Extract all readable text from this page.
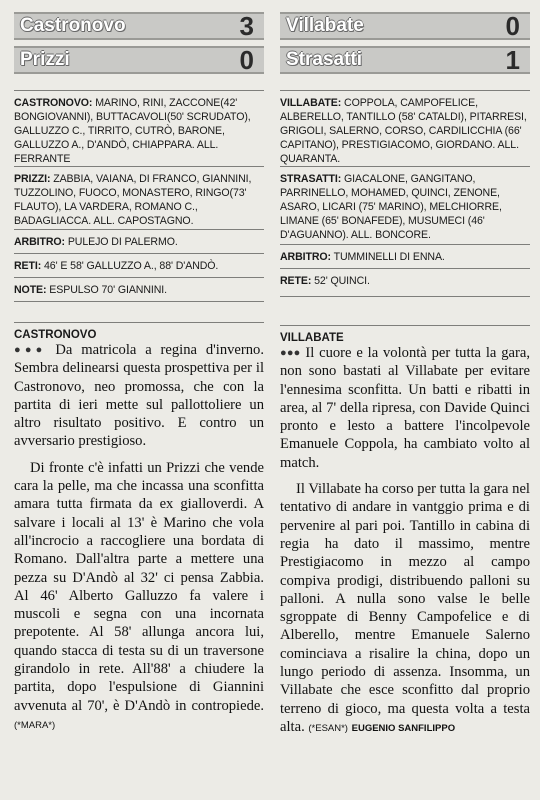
Castronovo	3
Prizzi	0
CASTRONOVO: MARINO, RINI, ZACCONE(42' BONGIOVANNI), BUTTACAVOLI(50' SCRUDATO), GALLUZZO C., TIRRITO, CUTRÒ, BARONE, GALLUZZO A., D'ANDÒ, CHIAPPARA. ALL. FERRANTE
PRIZZI: ZABBIA, VAIANA, DI FRANCO, GIANNINI, TUZZOLINO, FUOCO, MONASTERO, RINGO(73' FLAUTO), LA VARDERA, ROMANO C., BADAGLIACCA. ALL. CAPOSTAGNO.
ARBITRO: PULEJO DI PALERMO.
RETI: 46' E 58' GALLUZZO A., 88' D'ANDÒ.
NOTE: ESPULSO 70' GIANNINI.
CASTRONOVO

●●● Da matricola a regina d'inverno. Sembra delinearsi questa prospettiva per il Castronovo, neo promossa, che con la partita di ieri mette sul pallottoliere un altro risultato positivo. E contro un avversario prestigioso.

Di fronte c'è infatti un Prizzi che vende cara la pelle, ma che incassa una sconfitta amara tutta firmata da ex gialloverdi. A salvare i locali al 13' è Marino che vola all'incrocio a raccogliere una bordata di Romano. Dall'altra parte a mettere una pezza su D'Andò al 32' ci pensa Zabbia. Al 46' Alberto Galluzzo fa valere i muscoli e segna con una incornata prepotente. Al 58' allunga ancora lui, quando stacca di testa su di un traversone girandolo in rete. All'88' a chiudere la partita, dopo l'espulsione di Giannini avvenuta al 70', è D'Andò in contropiede. (*MARA*)

Villabate	0
Strasatti	1
VILLABATE: COPPOLA, CAMPOFELICE, ALBERELLO, TANTILLO (58' CATALDI), PITARRESI, GRIGOLI, SALERNO, CORSO, CARDILICCHIA (66' CAPITANO), PRESTIGIACOMO, GIORDANO. ALL. QUARANTA.
STRASATTI: GIACALONE, GANGITANO, PARRINELLO, MOHAMED, QUINCI, ZENONE, ASARO, LICARI (75' MARINO), MELCHIORRE, LIMANE (65' BONAFEDE), MUSUMECI (46' D'AGUANNO). ALL. BONCORE.
ARBITRO: TUMMINELLI DI ENNA.
RETE: 52' QUINCI.
VILLABATE

●●● Il cuore e la volontà per tutta la gara, non sono bastati al Villabate per evitare l'ennesima sconfitta. Un batti e ribatti in area, al 7' della ripresa, con Davide Quinci pronto e lesto a battere l'incolpevole Emanuele Coppola, ha cambiato volto al match.

Il Villabate ha corso per tutta la gara nel tentativo di andare in vantggio prima e di pervenire al pari poi. Tantillo in cabina di regia ha dato il massimo, mentre Prestigiacomo in mezzo al campo compiva prodigi, distribuendo palloni su palloni. A nulla sono valse le belle sgroppate di Benny Campofelice e di Alberello, mentre Emanuele Salerno cominciava a risalire la china, dopo un lungo periodo di assenza. Insomma, un Villabate che esce sconfitto dal proprio terreno di gioco, ma questa volta a testa alta. (*ESAN*) EUGENIO SANFILIPPO
